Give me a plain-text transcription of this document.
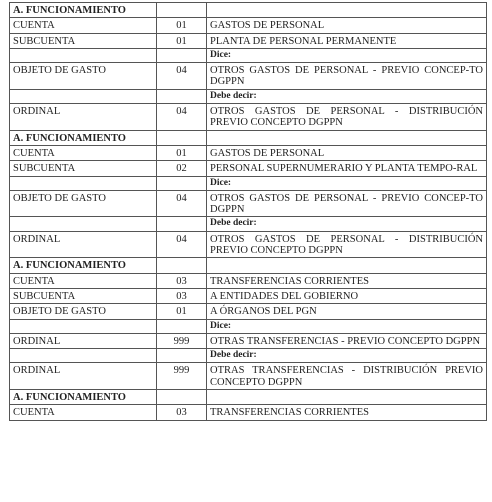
A. FUNCIONAMIENTO		
CUENTA	01	GASTOS DE PERSONAL
SUBCUENTA	01	PLANTA DE PERSONAL PERMANENTE
		Dice:
OBJETO DE GASTO	04	OTROS GASTOS DE PERSONAL - PREVIO CONCEP-TO DGPPN
		Debe decir:
ORDINAL	04	OTROS GASTOS DE PERSONAL - DISTRIBUCIÓN PREVIO CONCEPTO DGPPN
A. FUNCIONAMIENTO		
CUENTA	01	GASTOS DE PERSONAL
SUBCUENTA	02	PERSONAL SUPERNUMERARIO Y PLANTA TEMPO-RAL
		Dice:
OBJETO DE GASTO	04	OTROS GASTOS DE PERSONAL - PREVIO CONCEP-TO DGPPN
		Debe decir:
ORDINAL	04	OTROS GASTOS DE PERSONAL - DISTRIBUCIÓN PREVIO CONCEPTO DGPPN
A. FUNCIONAMIENTO		
CUENTA	03	TRANSFERENCIAS CORRIENTES
SUBCUENTA	03	A ENTIDADES DEL GOBIERNO
OBJETO DE GASTO	01	A ÓRGANOS DEL PGN
		Dice:
ORDINAL	999	OTRAS TRANSFERENCIAS - PREVIO CONCEPTO DGPPN
		Debe decir:
ORDINAL	999	OTRAS TRANSFERENCIAS - DISTRIBUCIÓN PREVIO CONCEPTO DGPPN
A. FUNCIONAMIENTO		
CUENTA	03	TRANSFERENCIAS CORRIENTES
